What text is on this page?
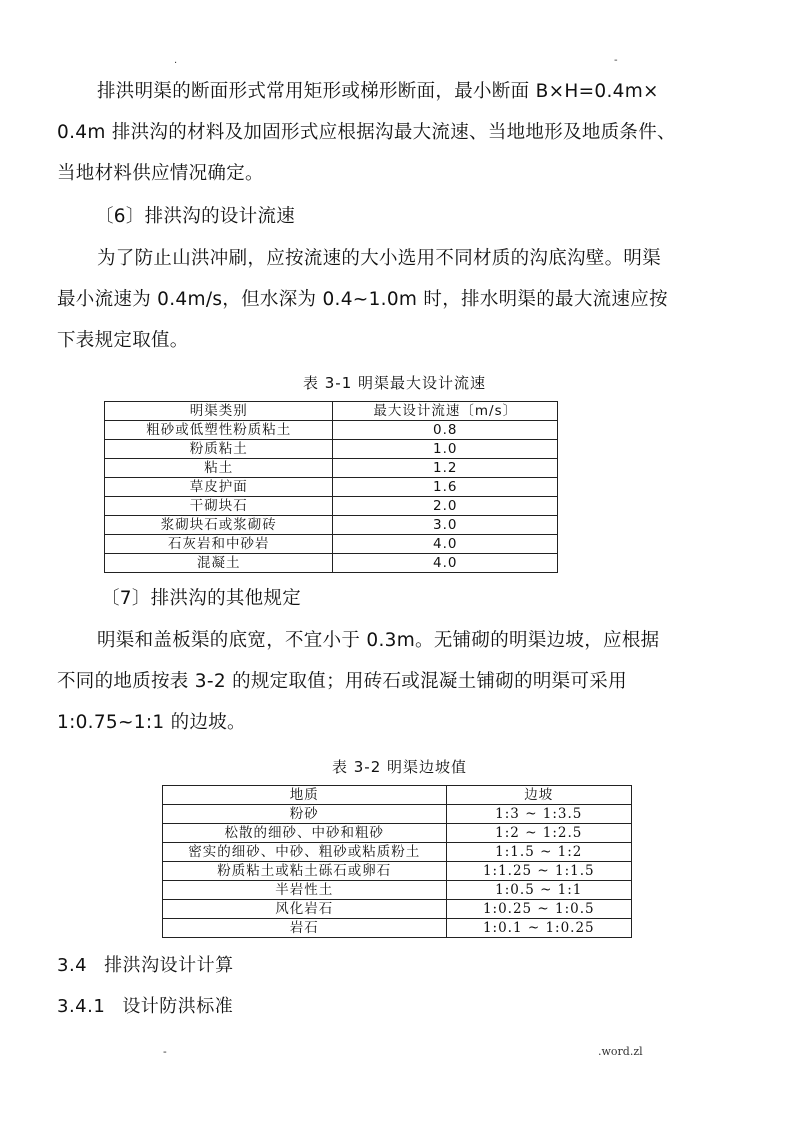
.	-
排洪明渠的断面形式常用矩形或梯形断面，最小断面 B×H=0.4m×
0.4m 排洪沟的材料及加固形式应根据沟最大流速、当地地形及地质条件、
当地材料供应情况确定。
〔6〕排洪沟的设计流速
为了防止山洪冲刷，应按流速的大小选用不同材质的沟底沟壁。明渠
最小流速为 0.4m/s，但水深为 0.4~1.0m 时，排水明渠的最大流速应按
下表规定取值。
表 3-1 明渠最大设计流速
明渠类别	最大设计流速〔m/s〕
粗砂或低塑性粉质粘土	0.8
粉质粘土	1.0
粘土	1.2
草皮护面	1.6
干砌块石	2.0
浆砌块石或浆砌砖	3.0
石灰岩和中砂岩	4.0
混凝土	4.0
〔7〕排洪沟的其他规定
明渠和盖板渠的底宽，不宜小于 0.3m。无铺砌的明渠边坡，应根据
不同的地质按表 3-2 的规定取值；用砖石或混凝土铺砌的明渠可采用
1:0.75~1:1 的边坡。
表 3-2 明渠边坡值
地质	边坡
粉砂	1:3 ~ 1:3.5
松散的细砂、中砂和粗砂	1:2 ~ 1:2.5
密实的细砂、中砂、粗砂或粘质粉土	1:1.5 ~ 1:2
粉质粘土或粘土砾石或卵石	1:1.25 ~ 1:1.5
半岩性土	1:0.5 ~ 1:1
风化岩石	1:0.25 ~ 1:0.5
岩石	1:0.1 ~ 1:0.25
3.4 排洪沟设计计算
3.4.1 设计防洪标准
-	.word.zl
